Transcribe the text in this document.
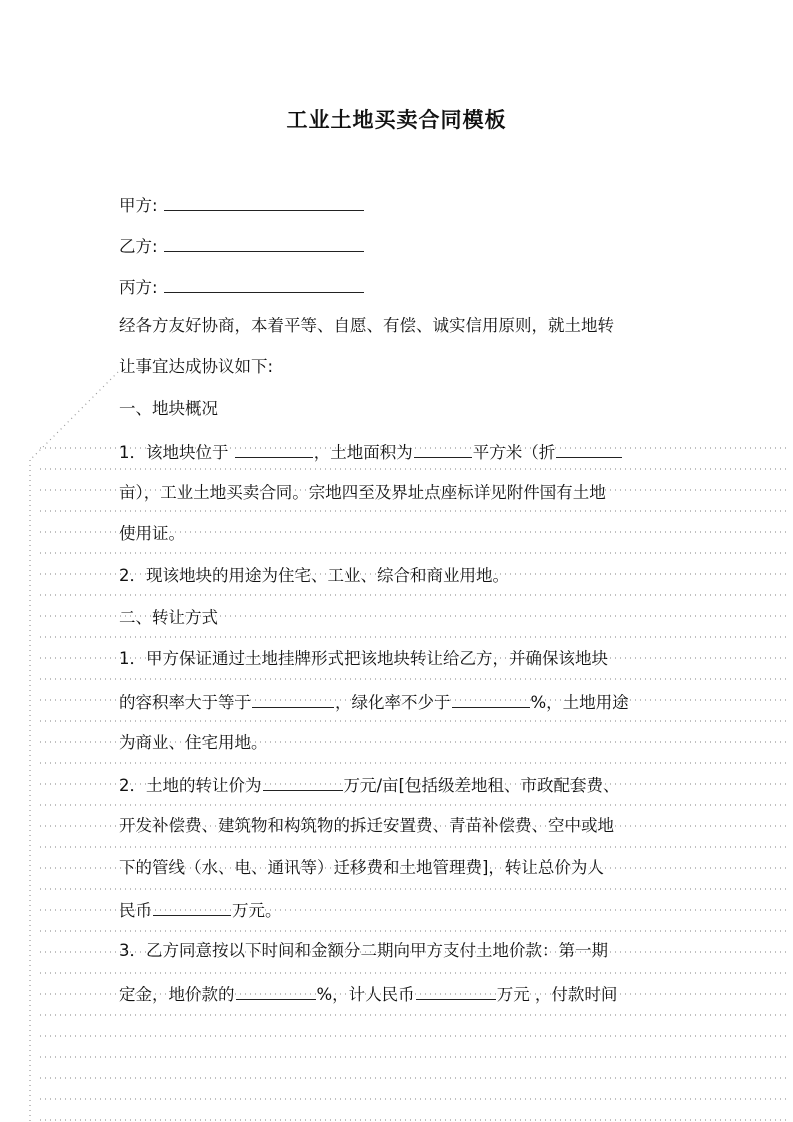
工业土地买卖合同模板
甲方:
乙方:
丙方:
经各方友好协商，本着平等、自愿、有偿、诚实信用原则，就土地转
让事宜达成协议如下:
一、地块概况
1．该地块位于	，土地面积为	平方米（折
亩），工业土地买卖合同。宗地四至及界址点座标详见附件国有土地
使用证。
2．现该地块的用途为住宅、工业、综合和商业用地。
二、转让方式
1．甲方保证通过土地挂牌形式把该地块转让给乙方，并确保该地块
的容积率大于等于	，绿化率不少于	%，土地用途
为商业、住宅用地。
2．土地的转让价为	万元/亩[包括级差地租、市政配套费、
开发补偿费、建筑物和构筑物的拆迁安置费、青苗补偿费、空中或地
下的管线（水、电、通讯等）迁移费和土地管理费]，转让总价为人
民币	万元。
3．乙方同意按以下时间和金额分二期向甲方支付土地价款：第一期
定金，地价款的	%，计人民币	万元 ，付款时间
